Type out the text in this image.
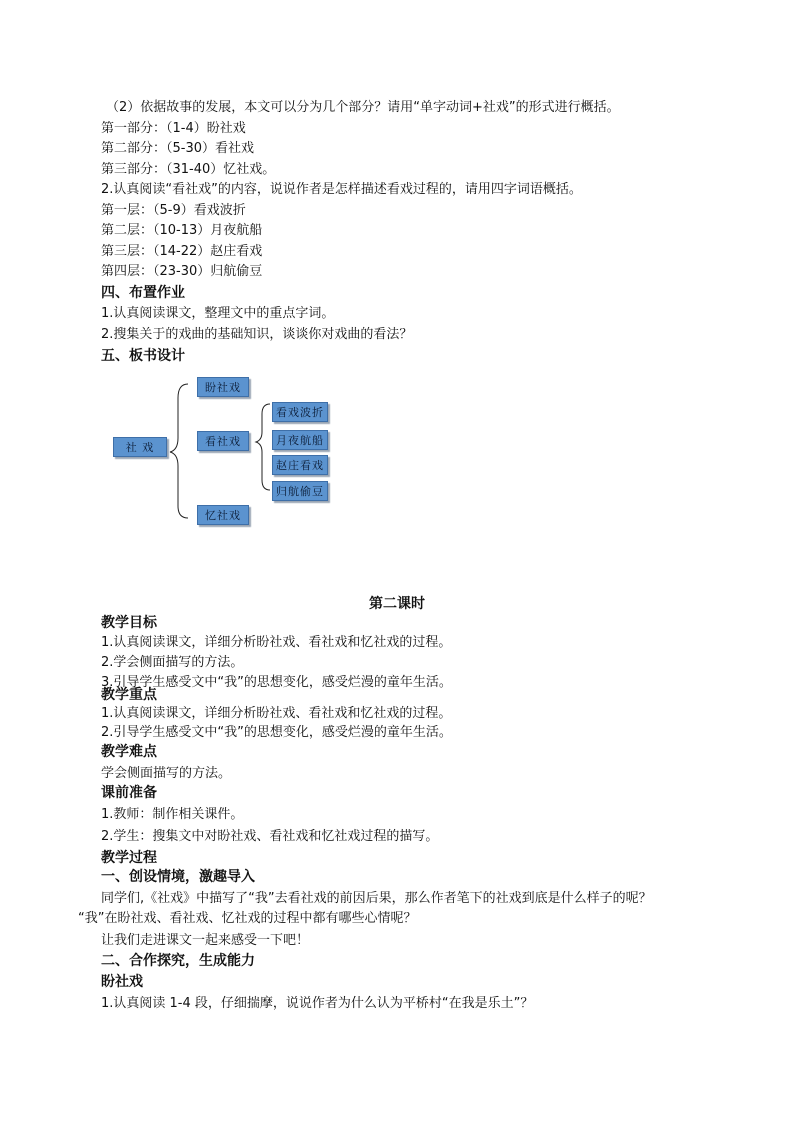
（2）依据故事的发展，本文可以分为几个部分？请用“单字动词+社戏”的形式进行概括。
第一部分：（1-4）盼社戏
第二部分：（5-30）看社戏
第三部分：（31-40）忆社戏。
2.认真阅读“看社戏”的内容，说说作者是怎样描述看戏过程的，请用四字词语概括。
第一层：（5-9）看戏波折
第二层：（10-13）月夜航船
第三层：（14-22）赵庄看戏
第四层：（23-30）归航偷豆
四、布置作业
1.认真阅读课文，整理文中的重点字词。
2.搜集关于的戏曲的基础知识，谈谈你对戏曲的看法？
五、板书设计
社 戏
盼社戏
看社戏
忆社戏
看戏波折
月夜航船
赵庄看戏
归航偷豆
第二课时
教学目标
1.认真阅读课文，详细分析盼社戏、看社戏和忆社戏的过程。
2.学会侧面描写的方法。
3.引导学生感受文中“我”的思想变化，感受烂漫的童年生活。
教学重点
1.认真阅读课文，详细分析盼社戏、看社戏和忆社戏的过程。
2.引导学生感受文中“我”的思想变化，感受烂漫的童年生活。
教学难点
学会侧面描写的方法。
课前准备
1.教师：制作相关课件。
2.学生：搜集文中对盼社戏、看社戏和忆社戏过程的描写。
教学过程
一、创设情境，激趣导入
同学们,《社戏》中描写了“我”去看社戏的前因后果，那么作者笔下的社戏到底是什么样子的呢？
“我”在盼社戏、看社戏、忆社戏的过程中都有哪些心情呢？
让我们走进课文一起来感受一下吧！
二、合作探究，生成能力
盼社戏
1.认真阅读 1-4 段，仔细揣摩，说说作者为什么认为平桥村“在我是乐土”？
